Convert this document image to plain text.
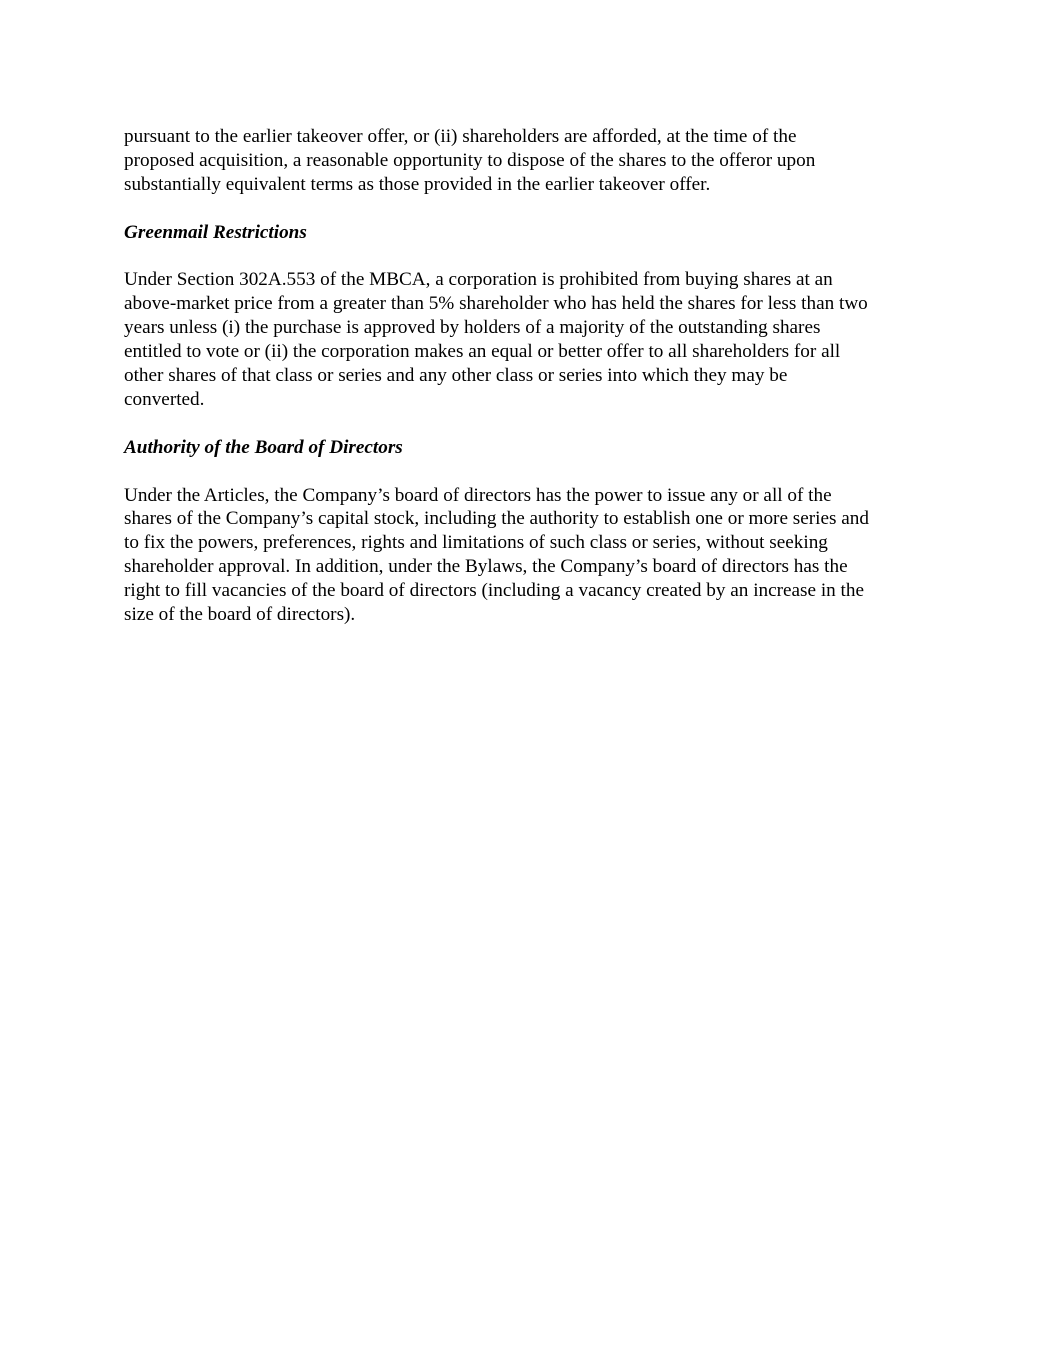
pursuant to the earlier takeover offer, or (ii) shareholders are afforded, at the time of the
proposed acquisition, a reasonable opportunity to dispose of the shares to the offeror upon
substantially equivalent terms as those provided in the earlier takeover offer.
Greenmail Restrictions
Under Section 302A.553 of the MBCA, a corporation is prohibited from buying shares at an
above-market price from a greater than 5% shareholder who has held the shares for less than two
years unless (i) the purchase is approved by holders of a majority of the outstanding shares
entitled to vote or (ii) the corporation makes an equal or better offer to all shareholders for all
other shares of that class or series and any other class or series into which they may be
converted.
Authority of the Board of Directors
Under the Articles, the Company’s board of directors has the power to issue any or all of the
shares of the Company’s capital stock, including the authority to establish one or more series and
to fix the powers, preferences, rights and limitations of such class or series, without seeking
shareholder approval. In addition, under the Bylaws, the Company’s board of directors has the
right to fill vacancies of the board of directors (including a vacancy created by an increase in the
size of the board of directors).
